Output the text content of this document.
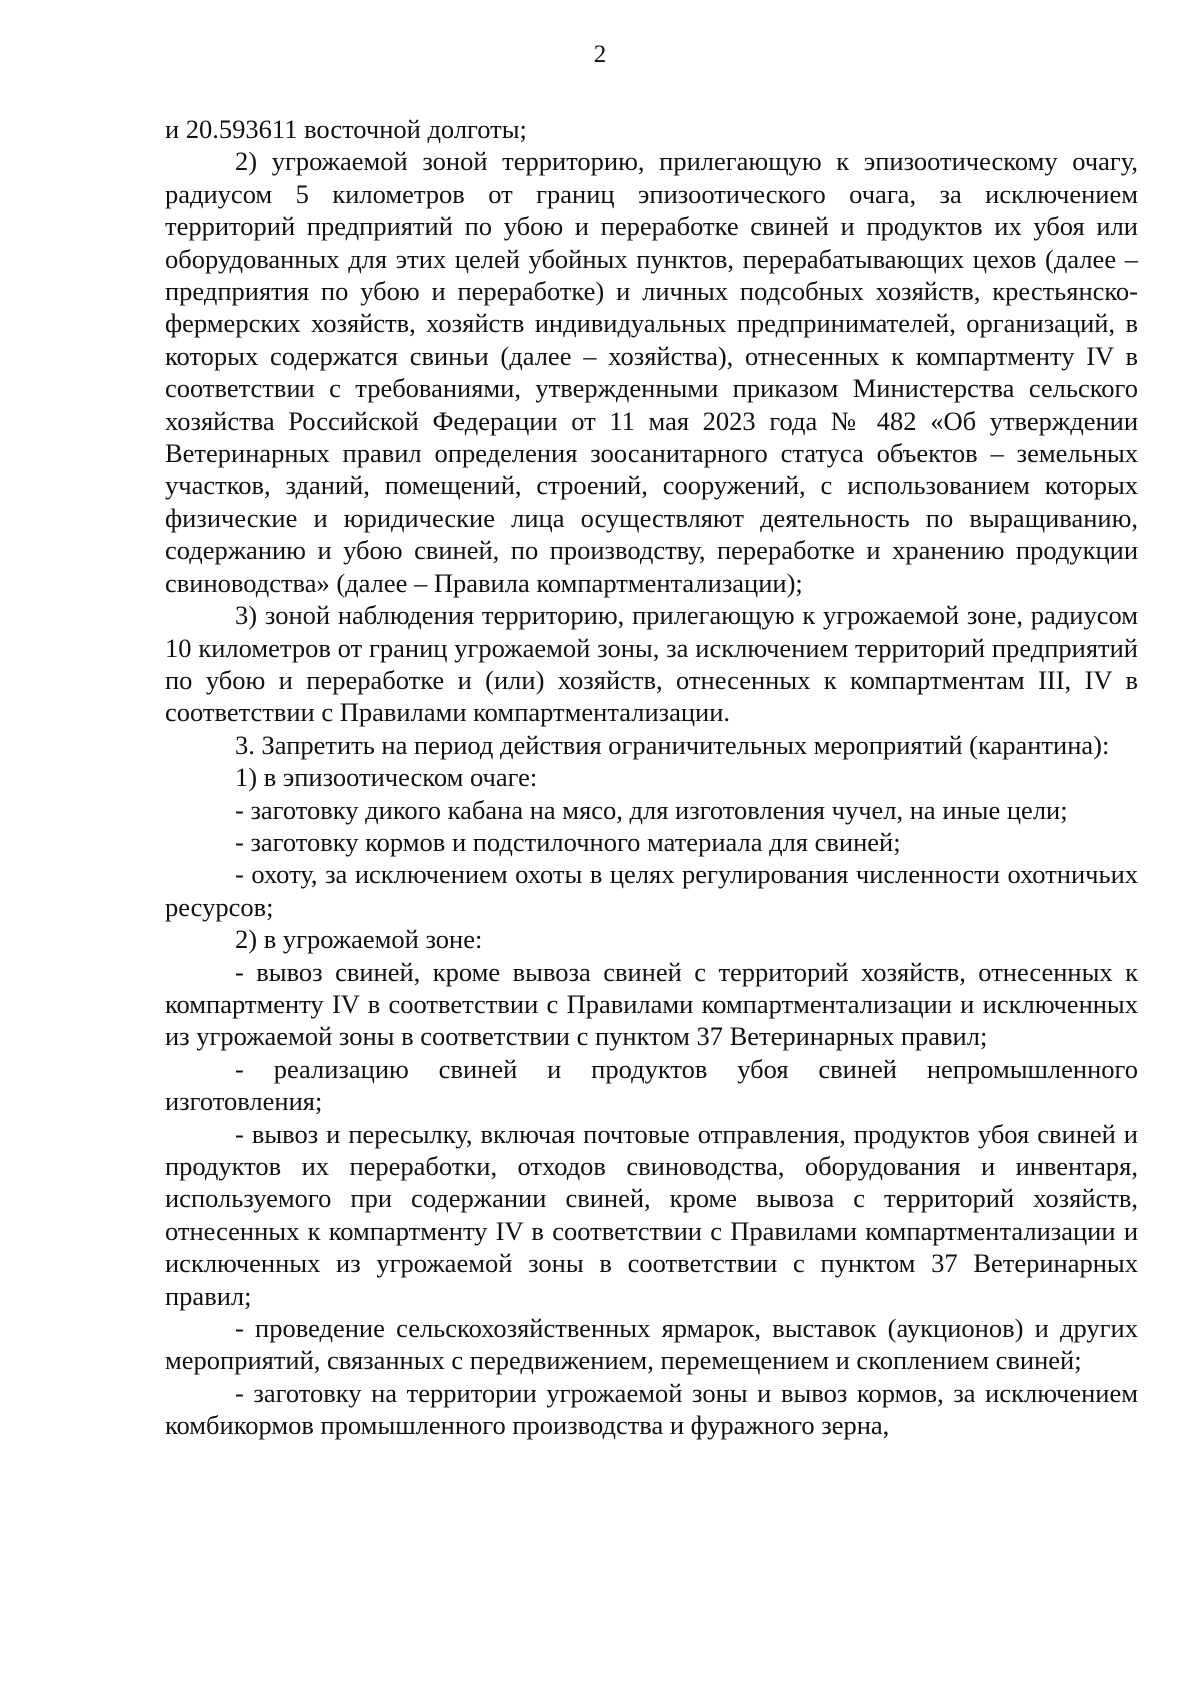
2

и 20.593611 восточной долготы;

2) угрожаемой зоной территорию, прилегающую к эпизоотическому очагу, радиусом 5 километров от границ эпизоотического очага, за исключением территорий предприятий по убою и переработке свиней и продуктов их убоя или оборудованных для этих целей убойных пунктов, перерабатывающих цехов (далее – предприятия по убою и переработке) и личных подсобных хозяйств, крестьянско-фермерских хозяйств, хозяйств индивидуальных предпринимателей, организаций, в которых содержатся свиньи (далее – хозяйства), отнесенных к компартменту IV в соответствии с требованиями, утвержденными приказом Министерства сельского хозяйства Российской Федерации от 11 мая 2023 года № 482 «Об утверждении Ветеринарных правил определения зоосанитарного статуса объектов – земельных участков, зданий, помещений, строений, сооружений, с использованием которых физические и юридические лица осуществляют деятельность по выращиванию, содержанию и убою свиней, по производству, переработке и хранению продукции свиноводства» (далее – Правила компартментализации);

3) зоной наблюдения территорию, прилегающую к угрожаемой зоне, радиусом 10 километров от границ угрожаемой зоны, за исключением территорий предприятий по убою и переработке и (или) хозяйств, отнесенных к компартментам III, IV в соответствии с Правилами компартментализации.

3. Запретить на период действия ограничительных мероприятий (карантина):

1) в эпизоотическом очаге:

- заготовку дикого кабана на мясо, для изготовления чучел, на иные цели;

- заготовку кормов и подстилочного материала для свиней;

- охоту, за исключением охоты в целях регулирования численности охотничьих ресурсов;

2) в угрожаемой зоне:

- вывоз свиней, кроме вывоза свиней с территорий хозяйств, отнесенных к компартменту IV в соответствии с Правилами компартментализации и исключенных из угрожаемой зоны в соответствии с пунктом 37 Ветеринарных правил;

- реализацию свиней и продуктов убоя свиней непромышленного изготовления;

- вывоз и пересылку, включая почтовые отправления, продуктов убоя свиней и продуктов их переработки, отходов свиноводства, оборудования и инвентаря, используемого при содержании свиней, кроме вывоза с территорий хозяйств, отнесенных к компартменту IV в соответствии с Правилами компартментализации и исключенных из угрожаемой зоны в соответствии с пунктом 37 Ветеринарных правил;

- проведение сельскохозяйственных ярмарок, выставок (аукционов) и других мероприятий, связанных с передвижением, перемещением и скоплением свиней;

- заготовку на территории угрожаемой зоны и вывоз кормов, за исключением комбикормов промышленного производства и фуражного зерна,
